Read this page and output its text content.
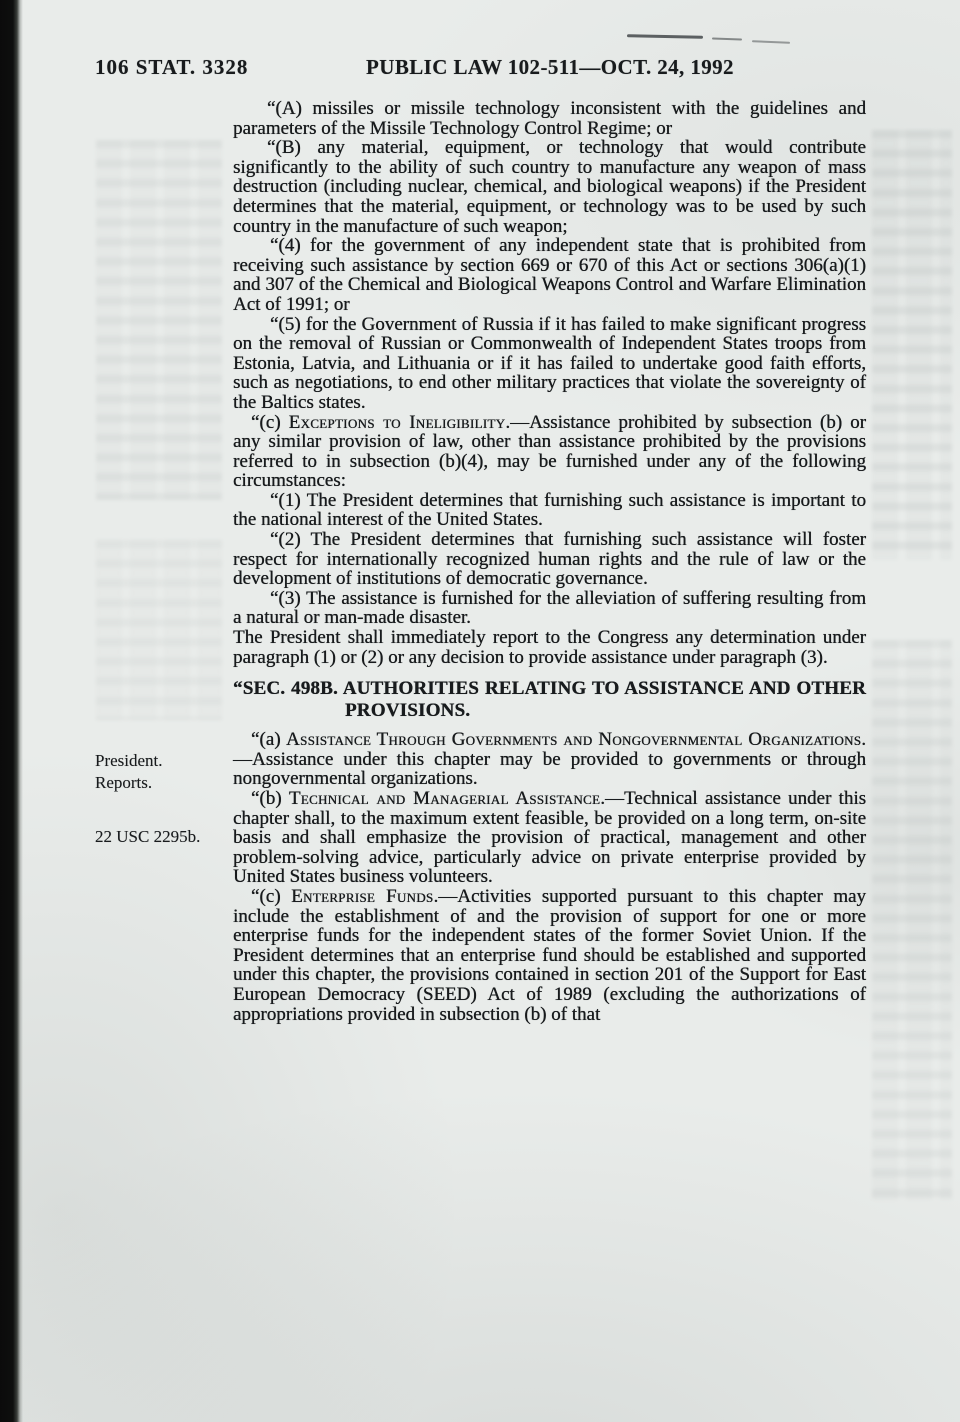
106 STAT. 3328	PUBLIC LAW 102-511—OCT. 24, 1992
President.
Reports.
22 USC 2295b.

“(A) missiles or missile technology inconsistent with the guidelines and parameters of the Missile Technology Control Regime; or

“(B) any material, equipment, or technology that would contribute significantly to the ability of such country to manufacture any weapon of mass destruction (including nuclear, chemical, and biological weapons) if the President determines that the material, equipment, or technology was to be used by such country in the manufacture of such weapon;

“(4) for the government of any independent state that is prohibited from receiving such assistance by section 669 or 670 of this Act or sections 306(a)(1) and 307 of the Chemical and Biological Weapons Control and Warfare Elimination Act of 1991; or

“(5) for the Government of Russia if it has failed to make significant progress on the removal of Russian or Commonwealth of Independent States troops from Estonia, Latvia, and Lithuania or if it has failed to undertake good faith efforts, such as negotiations, to end other military practices that violate the sovereignty of the Baltics states.

“(c) Exceptions to Ineligibility.—Assistance prohibited by subsection (b) or any similar provision of law, other than assistance prohibited by the provisions referred to in subsection (b)(4), may be furnished under any of the following circumstances:

“(1) The President determines that furnishing such assistance is important to the national interest of the United States.

“(2) The President determines that furnishing such assistance will foster respect for internationally recognized human rights and the rule of law or the development of institutions of democratic governance.

“(3) The assistance is furnished for the alleviation of suffering resulting from a natural or man-made disaster.

The President shall immediately report to the Congress any determination under paragraph (1) or (2) or any decision to provide assistance under paragraph (3).

“SEC. 498B. AUTHORITIES RELATING TO ASSISTANCE AND OTHER PROVISIONS.

“(a) Assistance Through Governments and Nongovernmental Organizations.—Assistance under this chapter may be provided to governments or through nongovernmental organizations.

“(b) Technical and Managerial Assistance.—Technical assistance under this chapter shall, to the maximum extent feasible, be provided on a long term, on-site basis and shall emphasize the provision of practical, management and other problem-solving advice, particularly advice on private enterprise provided by United States business volunteers.

“(c) Enterprise Funds.—Activities supported pursuant to this chapter may include the establishment of and the provision of support for one or more enterprise funds for the independent states of the former Soviet Union. If the President determines that an enterprise fund should be established and supported under this chapter, the provisions contained in section 201 of the Support for East European Democracy (SEED) Act of 1989 (excluding the authorizations of appropriations provided in subsection (b) of that
